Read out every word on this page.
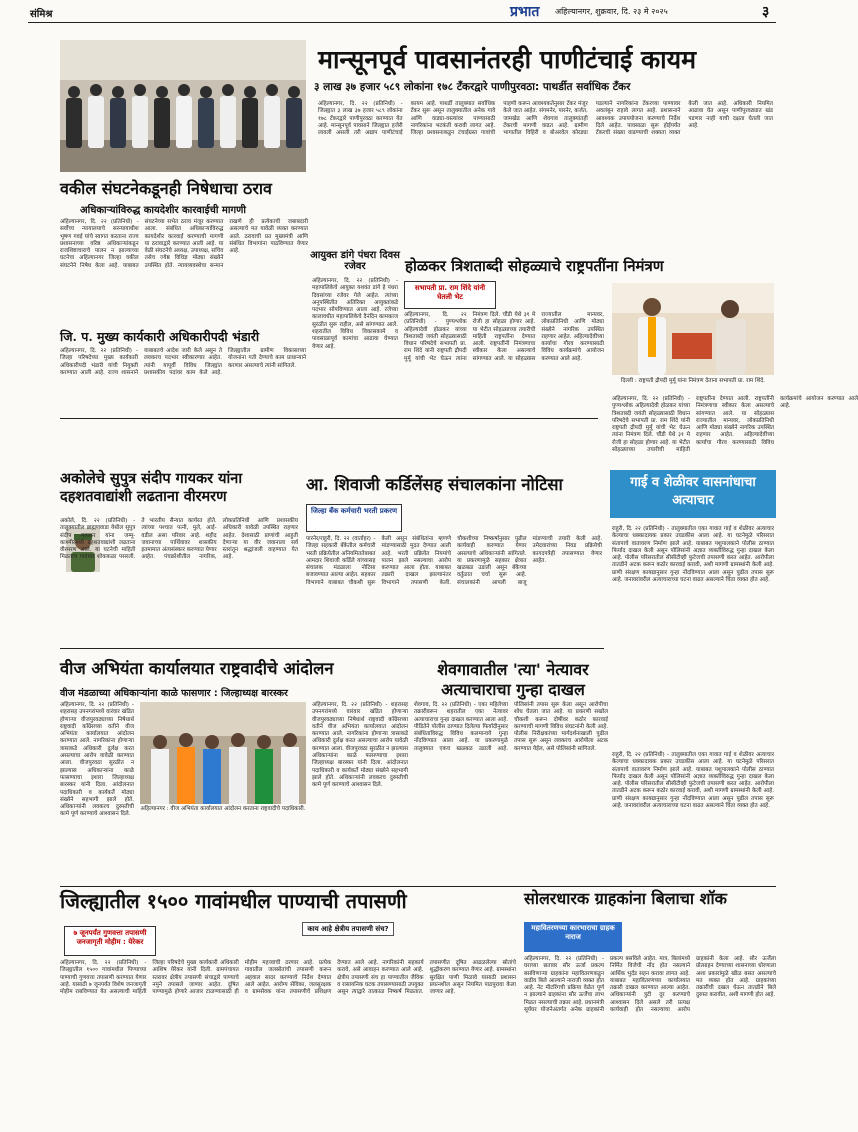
संमिश्र	प्रभात अहिल्यानगर, शुक्रवार, दि. २३ मे २०२५	३
मान्सूनपूर्व पावसानंतरही पाणीटंचाई कायम
३ लाख ३७ हजार ५८९ लोकांना १७८ टँकरद्वारे पाणीपुरवठा: पाथर्डीत सर्वाधिक टँकर
अहिल्यानगर, दि. २२ (प्रतिनिधी) - जिल्ह्यात ३ लाख ३७ हजार ५८९ लोकांना १७८ टँकरद्वारे पाणीपुरवठा करण्यात येत आहे. मान्सूनपूर्व पावसाने जिल्ह्यात हजेरी लावली असली तरी अद्याप पाणीटंचाई कायम आहे. पाथर्डी तालुक्यात सर्वाधिक टँकर सुरू असून तालुक्यातील अनेक गावे आणि वाड्या-वस्त्यांवर पाण्यासाठी नागरिकांना भटकंती करावी लागत आहे. जिल्हा प्रशासनाकडून टंचाईग्रस्त गावांची पाहणी करून आवश्यकतेनुसार टँकर मंजूर केले जात आहेत. संगमनेर, पारनेर, कर्जत, जामखेड आणि शेवगाव तालुक्यांतही टँकरची मागणी वाढत आहे. ग्रामीण भागातील विहिरी व बोअरवेल कोरड्या पडल्याने नागरिकांना टँकरच्या पाण्यावर अवलंबून राहावे लागत आहे. प्रशासनाने आवश्यक उपाययोजना करण्याचे निर्देश दिले आहेत. पावसाळा सुरू होईपर्यंत टँकरची संख्या वाढण्याची शक्यता व्यक्त केली जात आहे. अधिकारी नियमित आढावा घेत असून पाणीपुरवठ्यात खंड पडणार नाही याची दक्षता घेतली जात आहे.
वकील संघटनेकडूनही निषेधाचा ठराव
अधिकाऱ्यांविरुद्ध कायदेशीर कारवाईची मागणी
अहिल्यानगर, दि. २२ (प्रतिनिधी) - सर्वोच्च न्यायालयाचे सरन्यायाधीश भूषण गवई यांचे स्वागत करताना राज्य प्रशासनाच्या वरिष्ठ अधिकाऱ्यांकडून राजशिष्टाचाराचे पालन न झाल्याच्या घटनेचा अहिल्यानगर जिल्हा वकील संघटनेने निषेध केला आहे. याबाबत संघटनेच्या सभेत ठराव मंजूर करण्यात आला. संबंधित अधिकाऱ्यांविरुद्ध कायदेशीर कारवाई करण्याची मागणी या ठरावाद्वारे करण्यात आली आहे. या वेळी संघटनेचे अध्यक्ष, उपाध्यक्ष, सचिव तसेच ज्येष्ठ विधिज्ञ मोठ्या संख्येने उपस्थित होते. न्यायव्यवस्थेचा सन्मान राखणे ही प्रत्येकाची जबाबदारी असल्याचे मत यावेळी व्यक्त करण्यात आले. ठरावाची प्रत मुख्यमंत्री आणि संबंधित विभागांना पाठविण्यात येणार आहे.	आयुक्त डांगे पंधरा दिवस रजेवर
अहिल्यानगर, दि. २२ (प्रतिनिधी) - महापालिकेचे आयुक्त यशवंत डांगे हे पंधरा दिवसांच्या रजेवर गेले आहेत. त्यांच्या अनुपस्थितीत अतिरिक्त आयुक्तांकडे पदभार सोपविण्यात आला आहे. रजेच्या कालावधीत महापालिकेचे दैनंदिन कामकाज सुरळीत सुरू राहील, असे सांगण्यात आले. शहरातील विविध विकासकामे व पावसाळापूर्व कामांचा आढावा घेण्यात येणार आहे.
होळकर त्रिशताब्दी सोहळ्याचे राष्ट्रपतींना निमंत्रण
सभापती प्रा. राम शिंदे यांनी घेतली भेट
अहिल्यानगर, दि. २२ (प्रतिनिधी) - पुण्यश्लोक अहिल्यादेवी होळकर यांच्या त्रिशताब्दी जयंती सोहळ्यासाठी विधान परिषदेचे सभापती प्रा. राम शिंदे यांनी राष्ट्रपती द्रौपदी मुर्मू यांची भेट घेऊन त्यांना निमंत्रण दिले. चौंडी येथे ३१ मे रोजी हा सोहळा होणार आहे. या भेटीत सोहळ्याच्या तयारीची माहिती राष्ट्रपतींना देण्यात आली. राष्ट्रपतींनी निमंत्रणाचा स्वीकार केला असल्याचे सांगण्यात आले. या सोहळ्यास राज्यातील मान्यवर, लोकप्रतिनिधी आणि मोठ्या संख्येने नागरिक उपस्थित राहणार आहेत. अहिल्यादेवींच्या कार्याचा गौरव करण्यासाठी विविध कार्यक्रमांचे आयोजन करण्यात आले आहे.
दिल्ली : राष्ट्रपती द्रौपदी मुर्मू यांना निमंत्रण देताना सभापती प्रा. राम शिंदे.
अहिल्यानगर, दि. २२ (प्रतिनिधी) - पुण्यश्लोक अहिल्यादेवी होळकर यांच्या त्रिशताब्दी जयंती सोहळ्यासाठी विधान परिषदेचे सभापती प्रा. राम शिंदे यांनी राष्ट्रपती द्रौपदी मुर्मू यांची भेट घेऊन त्यांना निमंत्रण दिले. चौंडी येथे ३१ मे रोजी हा सोहळा होणार आहे. या भेटीत सोहळ्याच्या तयारीची माहिती राष्ट्रपतींना देण्यात आली. राष्ट्रपतींनी निमंत्रणाचा स्वीकार केला असल्याचे सांगण्यात आले. या सोहळ्यास राज्यातील मान्यवर, लोकप्रतिनिधी आणि मोठ्या संख्येने नागरिक उपस्थित राहणार आहेत. अहिल्यादेवींच्या कार्याचा गौरव करण्यासाठी विविध कार्यक्रमांचे आयोजन करण्यात आले आहे.
जि. प. मुख्य कार्यकारी अधिकारीपदी भंडारी
अहिल्यानगर, दि. २२ (प्रतिनिधी) - जिल्हा परिषदेच्या मुख्य कार्यकारी अधिकारीपदी भंडारी यांची नियुक्ती करण्यात आली आहे. राज्य शासनाने याबाबतचे आदेश जारी केले असून ते लवकरच पदभार स्वीकारणार आहेत. त्यांनी यापूर्वी विविध जिल्ह्यांत प्रशासकीय पदांवर काम केले आहे. जिल्ह्यातील ग्रामीण विकासाच्या योजनांना गती देण्याचे काम प्राधान्याने करणार असल्याचे त्यांनी सांगितले.
अकोलेचे सुपुत्र संदीप गायकर यांना दहशतवाद्यांशी लढताना वीरमरण
अकोले, दि. २२ (प्रतिनिधी) - तालुक्यातील ब्राह्मणवाडा येथील सुपुत्र संदीप गायकर यांना जम्मू-काश्मीरमध्ये दहशतवाद्यांशी लढताना वीरमरण आले. या घटनेची माहिती मिळताच गावावर शोककळा पसरली. ते भारतीय सैन्यात कार्यरत होते. त्यांच्या पश्चात पत्नी, मुले, आई-वडील असा परिवार आहे. शहीद जवानाच्या पार्थिवावर शासकीय इतमामात अंत्यसंस्कार करण्यात येणार आहेत. पंचक्रोशीतील नागरिक, लोकप्रतिनिधी आणि प्रशासकीय अधिकारी यावेळी उपस्थित राहणार आहेत. देशासाठी प्राणांची आहुती देणाऱ्या या वीर जवानाला सर्व स्तरांतून श्रद्धांजली वाहण्यात येत आहे.
आ. शिवाजी कर्डिलेंसह संचालकांना नोटिसा
जिल्हा बँक कर्मचारी भरती प्रकरण
पारनेर/राहुरी, दि. २२ (वार्ताहर) - जिल्हा सहकारी बँकेतील कर्मचारी भरती प्रक्रियेतील अनियमिततेबाबत आमदार शिवाजी कर्डिले यांच्यासह संचालक मंडळाला नोटिसा बजावण्यात आल्या आहेत. सहकार विभागाने याबाबत चौकशी सुरू केली असून संबंधितांना म्हणणे मांडण्यासाठी मुदत देण्यात आली आहे. भरती प्रक्रियेत नियमांचे पालन झाले नसल्याचा आरोप करण्यात आला होता. याबाबत तक्रारी दाखल झाल्यानंतर विभागाने तपासणी केली. चौकशीच्या निष्कर्षानुसार पुढील कार्यवाही करण्यात येणार असल्याचे अधिकाऱ्यांनी सांगितले. या प्रकरणामुळे सहकार क्षेत्रात खळबळ उडाली असून बँकेच्या वर्तुळात चर्चा सुरू आहे. संचालकांनी आपली बाजू मांडण्याची तयारी केली आहे. उमेदवारांच्या निवड प्रक्रियेची कागदपत्रेही तपासण्यात येणार आहेत.
गाई व शेळीवर वासनांधाचा अत्याचार
राहुरी, दि. २२ (प्रतिनिधी) - तालुक्यातील एका गावात गाई व शेळीवर अत्याचार केल्याचा धक्कादायक प्रकार उघडकीस आला आहे. या घटनेमुळे परिसरात संतापाचे वातावरण निर्माण झाले आहे. याबाबत पशुपालकाने पोलीस ठाण्यात फिर्याद दाखल केली असून पोलिसांनी अज्ञात व्यक्तीविरुद्ध गुन्हा दाखल केला आहे. पोलीस परिसरातील सीसीटीव्ही फुटेजची तपासणी करत आहेत. आरोपीला तातडीने अटक करून कठोर कारवाई करावी, अशी मागणी ग्रामस्थांनी केली आहे. प्राणी संरक्षण कायद्यानुसार गुन्हा नोंदविण्यात आला असून पुढील तपास सुरू आहे. जनावरांवरील अत्याचाराच्या घटना वाढत असल्याने चिंता व्यक्त होत आहे.
वीज अभियंता कार्यालयात राष्ट्रवादीचे आंदोलन
वीज मंडळाच्या अधिकाऱ्यांना काळे फासणार : जिल्हाध्यक्ष बारस्कर
अहिल्यानगर, दि. २२ (प्रतिनिधी) - शहरासह उपनगरांमध्ये वारंवार खंडित होणाऱ्या वीजपुरवठ्याच्या निषेधार्थ राष्ट्रवादी काँग्रेसच्या वतीने वीज अभियंता कार्यालयात आंदोलन करण्यात आले. नागरिकांना होणाऱ्या त्रासाकडे अधिकारी दुर्लक्ष करत असल्याचा आरोप यावेळी करण्यात आला. वीजपुरवठा सुरळीत न झाल्यास अधिकाऱ्यांना काळे फासण्याचा इशारा जिल्हाध्यक्ष बारस्कर यांनी दिला. आंदोलनात पदाधिकारी व कार्यकर्ते मोठ्या संख्येने सहभागी झाले होते. अधिकाऱ्यांनी लवकरच दुरुस्तीची कामे पूर्ण करण्याचे आश्वासन दिले.
अहिल्यानगर : वीज अभियंता कार्यालयात आंदोलन करताना राष्ट्रवादीचे पदाधिकारी.
अहिल्यानगर, दि. २२ (प्रतिनिधी) - शहरासह उपनगरांमध्ये वारंवार खंडित होणाऱ्या वीजपुरवठ्याच्या निषेधार्थ राष्ट्रवादी काँग्रेसच्या वतीने वीज अभियंता कार्यालयात आंदोलन करण्यात आले. नागरिकांना होणाऱ्या त्रासाकडे अधिकारी दुर्लक्ष करत असल्याचा आरोप यावेळी करण्यात आला. वीजपुरवठा सुरळीत न झाल्यास अधिकाऱ्यांना काळे फासण्याचा इशारा जिल्हाध्यक्ष बारस्कर यांनी दिला. आंदोलनात पदाधिकारी व कार्यकर्ते मोठ्या संख्येने सहभागी झाले होते. अधिकाऱ्यांनी लवकरच दुरुस्तीची कामे पूर्ण करण्याचे आश्वासन दिले.
शेवगावातील 'त्या' नेत्यावर अत्याचाराचा गुन्हा दाखल
शेवगाव, दि. २२ (प्रतिनिधी) - एका महिलेच्या तक्रारीवरून शहरातील एका नेत्यावर अत्याचाराचा गुन्हा दाखल करण्यात आला आहे. पीडितेने पोलीस ठाण्यात दिलेल्या फिर्यादीनुसार संबंधिताविरुद्ध विविध कलमान्वये गुन्हा नोंदविण्यात आला आहे. या प्रकरणामुळे तालुक्यात एकच खळबळ उडाली आहे. पोलिसांनी तपास सुरू केला असून आरोपीचा शोध घेतला जात आहे. या प्रकरणी सखोल चौकशी करून दोषींवर कठोर कारवाई करण्याची मागणी विविध संघटनांनी केली आहे. पोलीस निरीक्षकांच्या मार्गदर्शनाखाली पुढील तपास सुरू असून लवकरच आरोपीला अटक करण्यात येईल, असे पोलिसांनी सांगितले.
राहुरी, दि. २२ (प्रतिनिधी) - तालुक्यातील एका गावात गाई व शेळीवर अत्याचार केल्याचा धक्कादायक प्रकार उघडकीस आला आहे. या घटनेमुळे परिसरात संतापाचे वातावरण निर्माण झाले आहे. याबाबत पशुपालकाने पोलीस ठाण्यात फिर्याद दाखल केली असून पोलिसांनी अज्ञात व्यक्तीविरुद्ध गुन्हा दाखल केला आहे. पोलीस परिसरातील सीसीटीव्ही फुटेजची तपासणी करत आहेत. आरोपीला तातडीने अटक करून कठोर कारवाई करावी, अशी मागणी ग्रामस्थांनी केली आहे. प्राणी संरक्षण कायद्यानुसार गुन्हा नोंदविण्यात आला असून पुढील तपास सुरू आहे. जनावरांवरील अत्याचाराच्या घटना वाढत असल्याने चिंता व्यक्त होत आहे.
जिल्ह्यातील १५०० गावांमधील पाण्याची तपासणी
७ जूनपर्यंत गुणवत्ता तपासणी जनजागृती मोहीम : येरेकर
काय आहे क्षेत्रीय तपासणी संच?
अहिल्यानगर, दि. २२ (प्रतिनिधी) - जिल्ह्यातील १५०० गावांमधील पिण्याच्या पाण्याची गुणवत्ता तपासणी करण्यात येणार आहे. यासाठी ७ जूनपर्यंत विशेष जनजागृती मोहीम राबविण्यात येत असल्याची माहिती जिल्हा परिषदेचे मुख्य कार्यकारी अधिकारी आशिष येरेकर यांनी दिली. ग्रामपंचायत स्तरावर क्षेत्रीय तपासणी संचाद्वारे पाण्याचे नमुने तपासले जाणार आहेत. दूषित पाण्यामुळे होणारे आजार टाळण्यासाठी ही मोहीम महत्त्वाची ठरणार आहे. प्रत्येक गावातील जलस्रोतांची तपासणी करून अहवाल सादर करण्याचे निर्देश देण्यात आले आहेत. आरोग्य सेविका, जलसुरक्षक व ग्रामसेवक यांना तपासणीचे प्रशिक्षण देण्यात आले आहे. नागरिकांनी सहकार्य करावे, असे आवाहन करण्यात आले आहे. क्षेत्रीय तपासणी संच हा पाण्यातील जैविक व रासायनिक घटक तपासण्यासाठी उपयुक्त असून त्याद्वारे तात्काळ निष्कर्ष मिळतात. तपासणीत दूषित आढळलेल्या स्रोतांचे शुद्धीकरण करण्यात येणार आहे. ग्रामस्थांना सुरक्षित पाणी मिळावे यासाठी प्रशासन प्रयत्नशील असून नियमित पाठपुरावा केला जाणार आहे.
सोलरधारक ग्राहकांना बिलाचा शॉक
महावितरणच्या कारभाराचा ग्राहक नाराज
अहिल्यानगर, दि. २२ (प्रतिनिधी) - घराच्या छतावर सौर ऊर्जा प्रकल्प बसविणाऱ्या ग्राहकांना महावितरणकडून वाढीव बिले आल्याने नाराजी व्यक्त होत आहे. नेट मीटरिंगची प्रक्रिया वेळेत पूर्ण न झाल्याने ग्राहकांना सौर ऊर्जेचा लाभ मिळत नसल्याची तक्रार आहे. प्रधानमंत्री सूर्यघर योजनेअंतर्गत अनेक ग्राहकांनी प्रकल्प बसविले आहेत. मात्र, बिलांमध्ये निर्मित विजेची नोंद होत नसल्याने आर्थिक भुर्दंड सहन करावा लागत आहे. याबाबत महावितरणच्या कार्यालयात तक्रारी दाखल करण्यात आल्या आहेत. अधिकाऱ्यांनी त्रुटी दूर करण्याचे आश्वासन दिले असले तरी प्रत्यक्ष कार्यवाही होत नसल्याचा आरोप ग्राहकांनी केला आहे. सौर ऊर्जेला प्रोत्साहन देण्याच्या शासनाच्या धोरणाला अशा प्रकारांमुळे खीळ बसत असल्याचे मत व्यक्त होत आहे. ग्राहकांच्या तक्रारींची दखल घेऊन तातडीने बिले दुरुस्त करावीत, अशी मागणी होत आहे.
